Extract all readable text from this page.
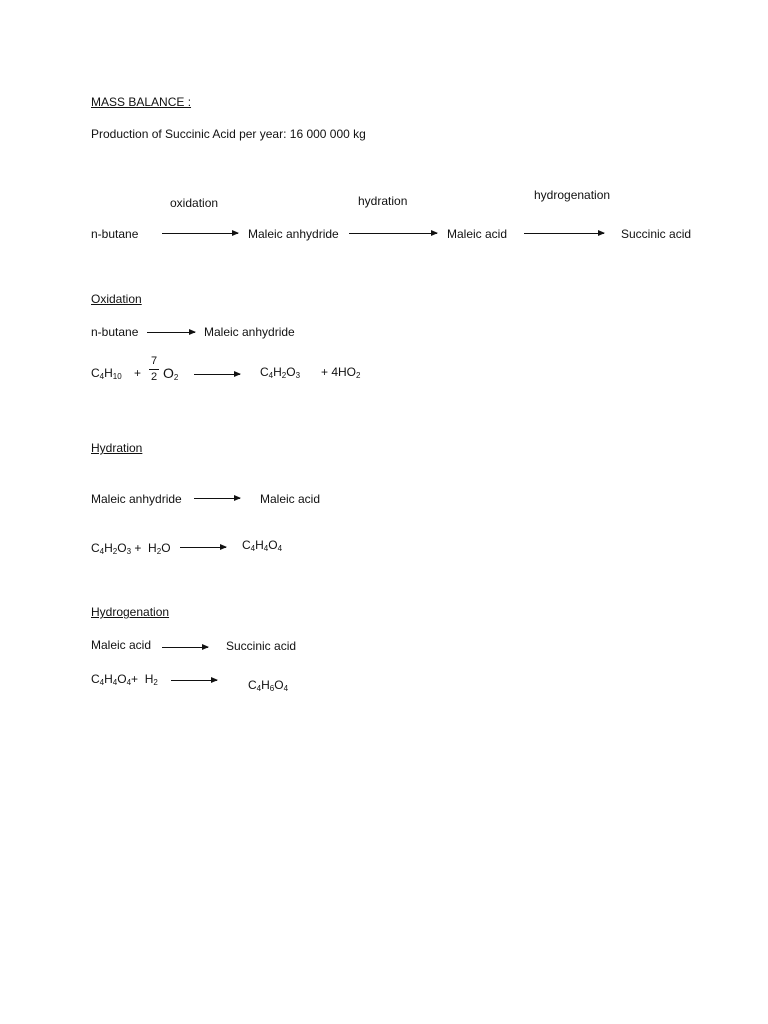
MASS BALANCE :
Production of Succinic Acid per year: 16 000 000 kg
oxidation	hydration	hydrogenation
n-butane	Maleic anhydride	Maleic acid	Succinic acid
Oxidation
n-butane	Maleic anhydride
$C_4H_{10}$ +
7
2 $O_2$	$C_4H_2O_3 + 4HO_2$
Hydration
Maleic anhydride	Maleic acid
$C_4H_2O_3 + H_2O$	$C_4H_4O_4$
Hydrogenation
Maleic acid	Succinic acid
$C_4H_4O_4+ H_2$	$C_4H_6O_4$
